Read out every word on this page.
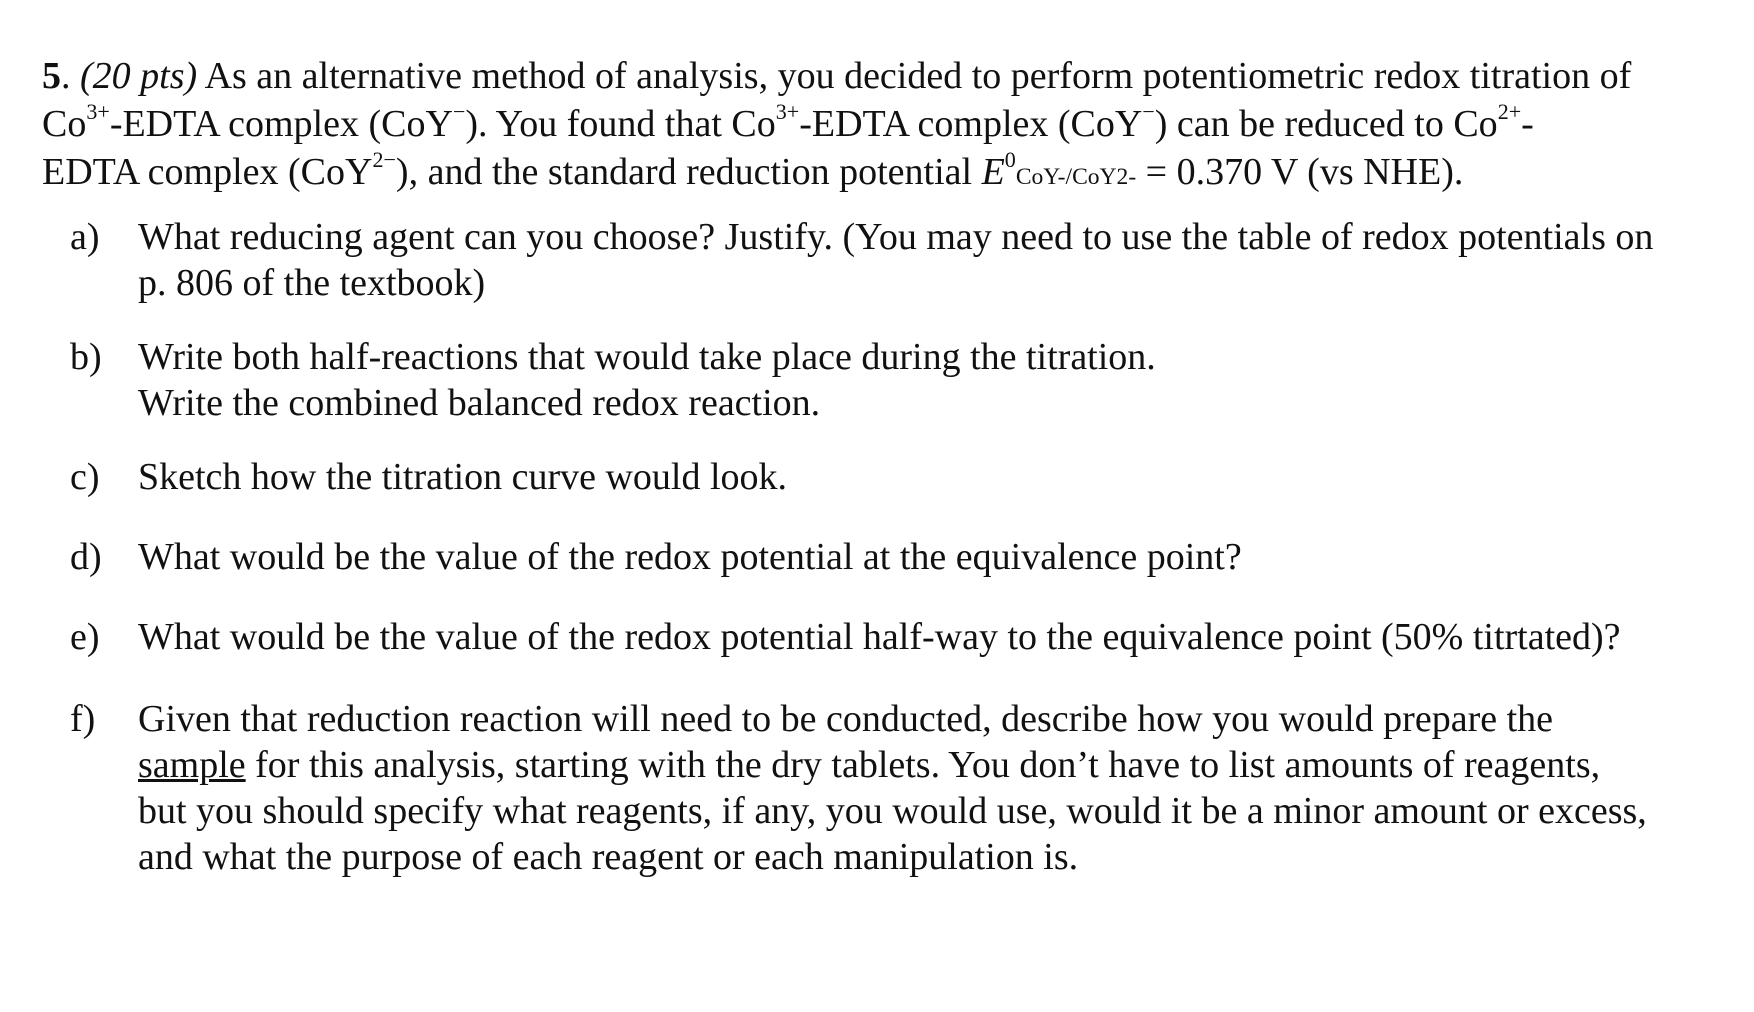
5. (20 pts) As an alternative method of analysis, you decided to perform potentiometric redox titration of
$Co^{3+}$-EDTA complex (CoY−). You found that $Co^{3+}$-EDTA complex (CoY−) can be reduced to $Co^{2+}-$
EDTA complex (CoY$^{2-}$), and the standard reduction potential $E^0CoY-/CoY2- = 0.370$ V (vs NHE).
a) What reducing agent can you choose? Justify. (You may need to use the table of redox potentials on
p. 806 of the textbook)
b) Write both half-reactions that would take place during the titration.
Write the combined balanced redox reaction.
c) Sketch how the titration curve would look.
d) What would be the value of the redox potential at the equivalence point?
e) What would be the value of the redox potential half-way to the equivalence point (50% titrtated)?
f) Given that reduction reaction will need to be conducted, describe how you would prepare the
sample for this analysis, starting with the dry tablets. You don’t have to list amounts of reagents,
but you should specify what reagents, if any, you would use, would it be a minor amount or excess,
and what the purpose of each reagent or each manipulation is.
